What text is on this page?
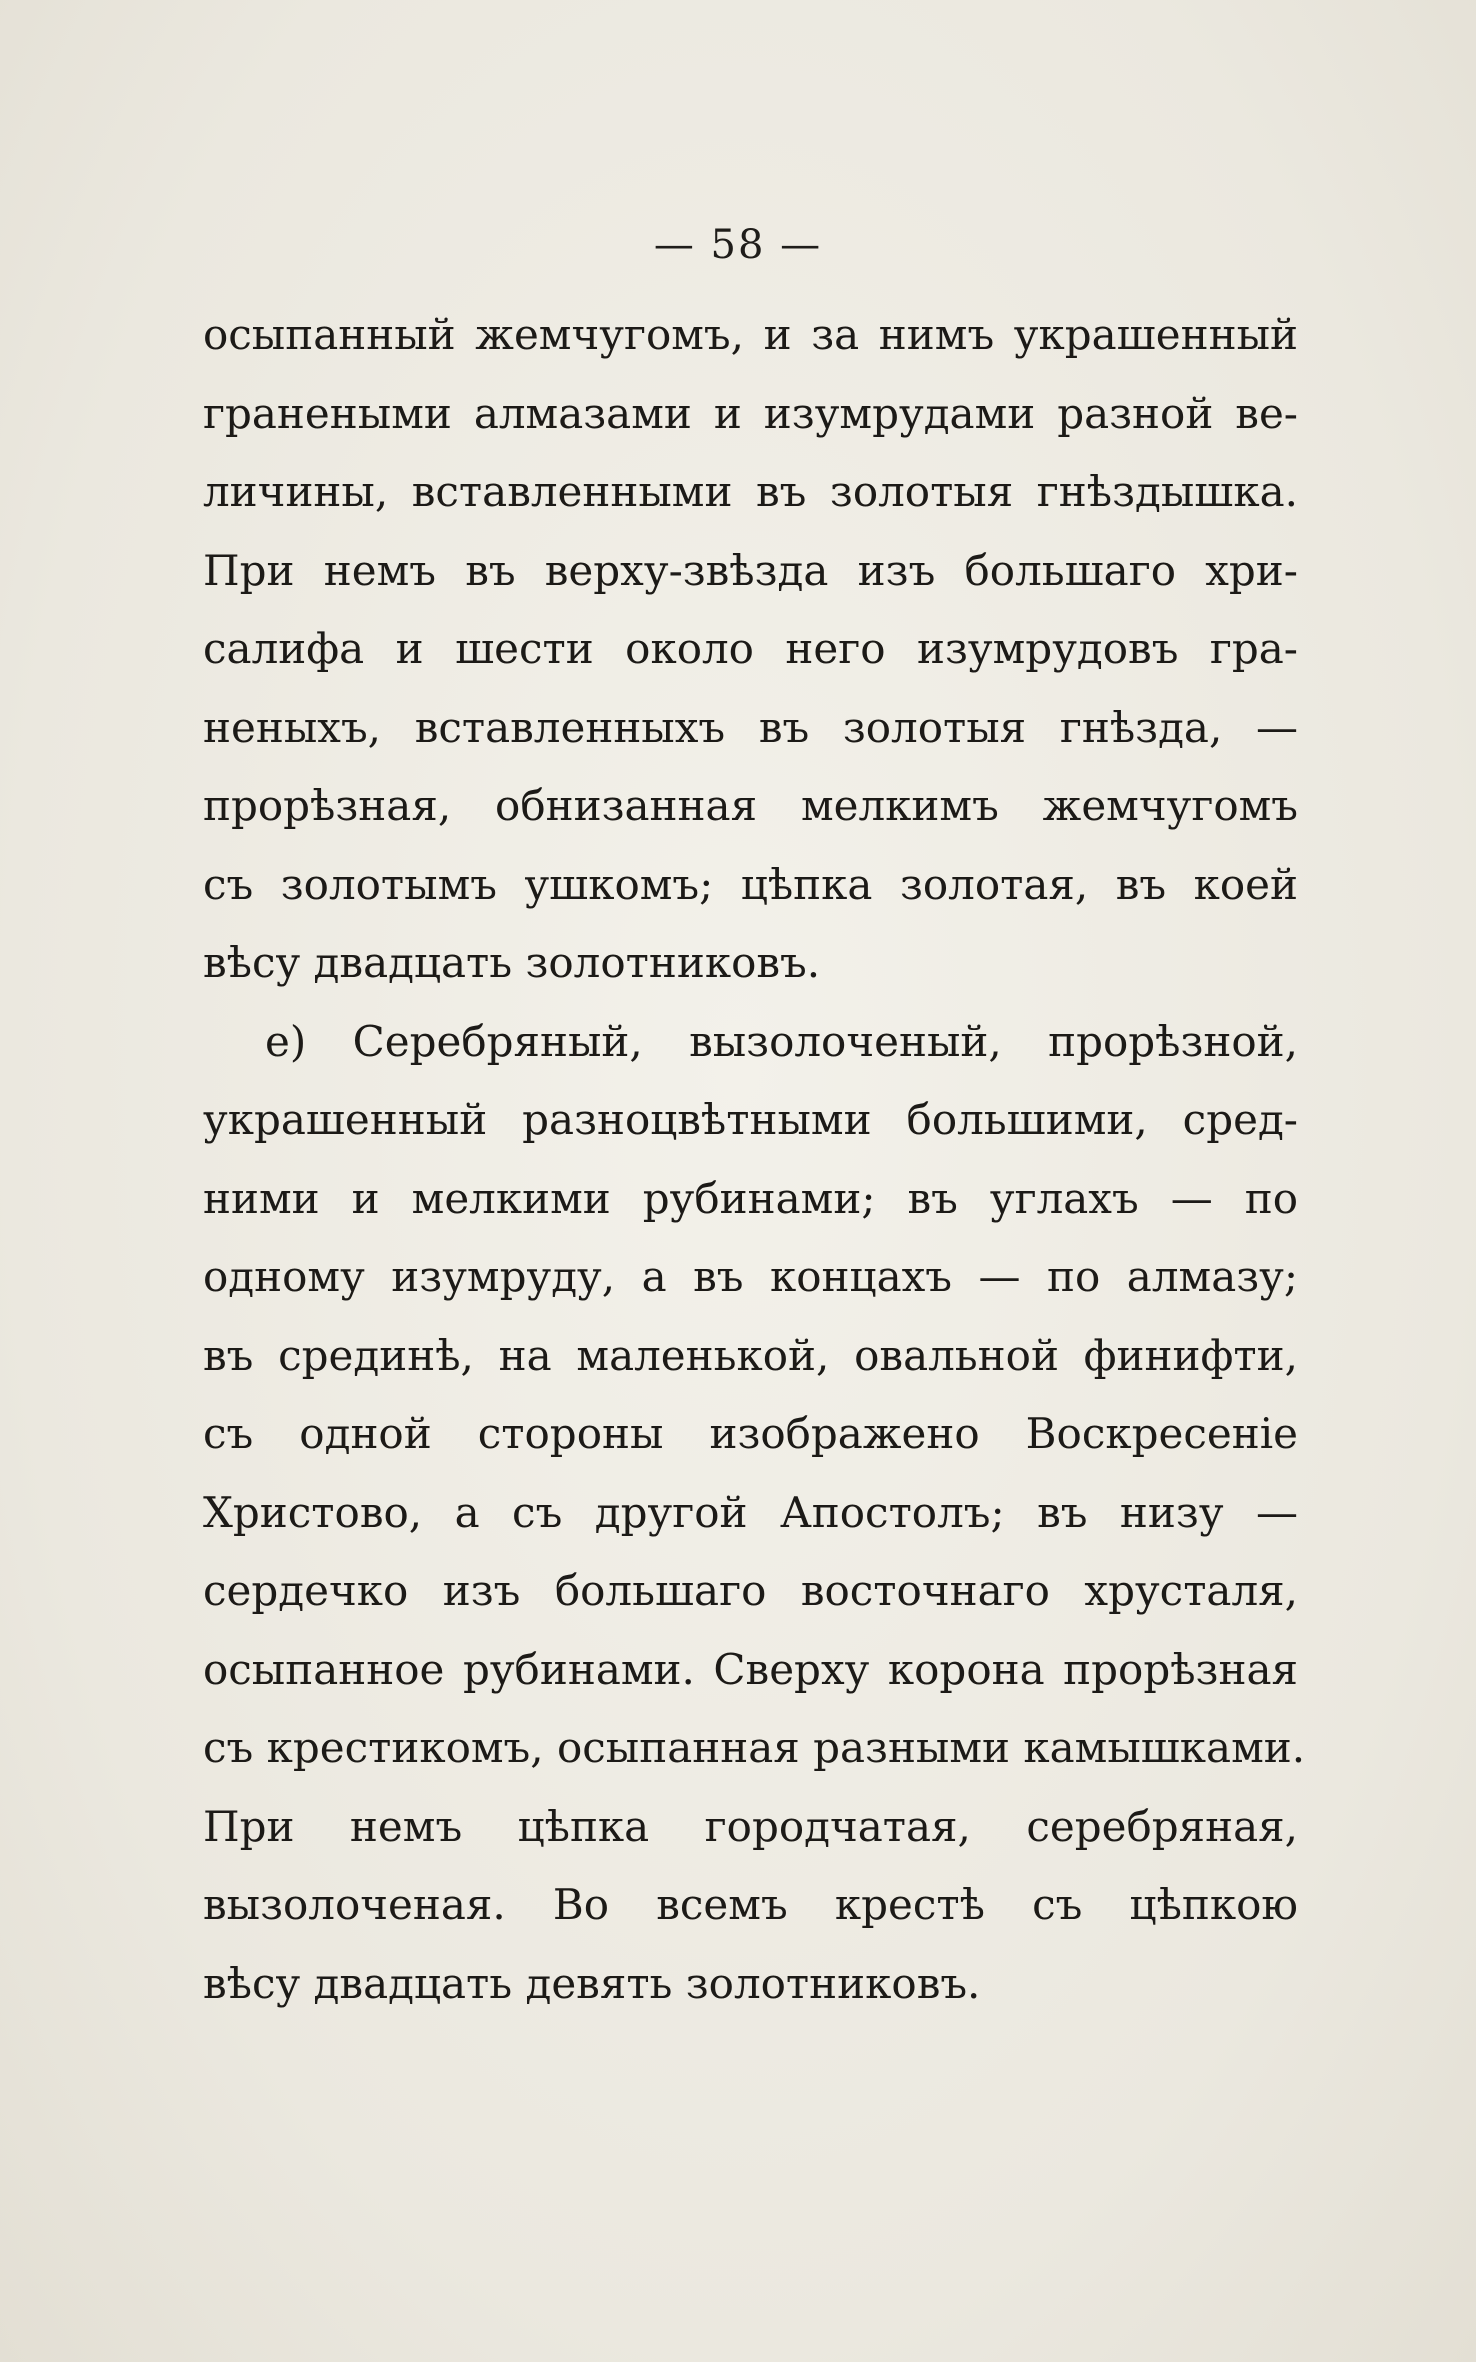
— 58 —
осыпанный жемчугомъ, и за нимъ украшенный
гранеными алмазами и изумрудами разной ве-
личины, вставленными въ золотыя гнѣздышка.
При немъ въ верху-звѣзда изъ большаго хри-
салифа и шести около него изумрудовъ гра-
неныхъ, вставленныхъ въ золотыя гнѣзда, —
прорѣзная, обнизанная мелкимъ жемчугомъ
съ золотымъ ушкомъ; цѣпка золотая, въ коей
вѣсу двадцать золотниковъ.
е) Серебряный, вызолоченый, прорѣзной,
украшенный разноцвѣтными большими, сред-
ними и мелкими рубинами; въ углахъ — по
одному изумруду, а въ концахъ — по алмазу;
въ срединѣ, на маленькой, овальной финифти,
съ одной стороны изображено Воскресеніе
Христово, а съ другой Апостолъ; въ низу —
сердечко изъ большаго восточнаго хрусталя,
осыпанное рубинами. Сверху корона прорѣзная
съ крестикомъ, осыпанная разными камышками.
При немъ цѣпка городчатая, серебряная,
вызолоченая. Во всемъ крестѣ съ цѣпкою
вѣсу двадцать девять золотниковъ.
